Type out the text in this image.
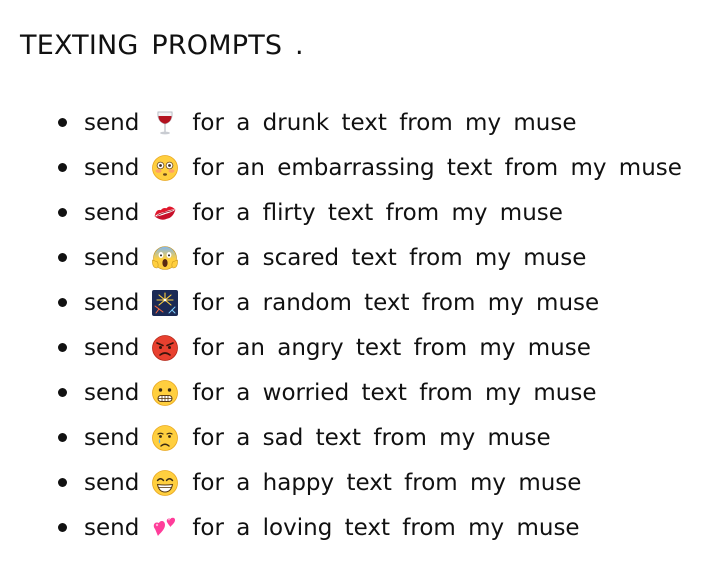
TEXTING PROMPTS .
send for a drunk text from my muse
send for an embarrassing text from my muse
send for a flirty text from my muse
send for a scared text from my muse
send for a random text from my muse
send for an angry text from my muse
send for a worried text from my muse
send for a sad text from my muse
send for a happy text from my muse
send for a loving text from my muse
